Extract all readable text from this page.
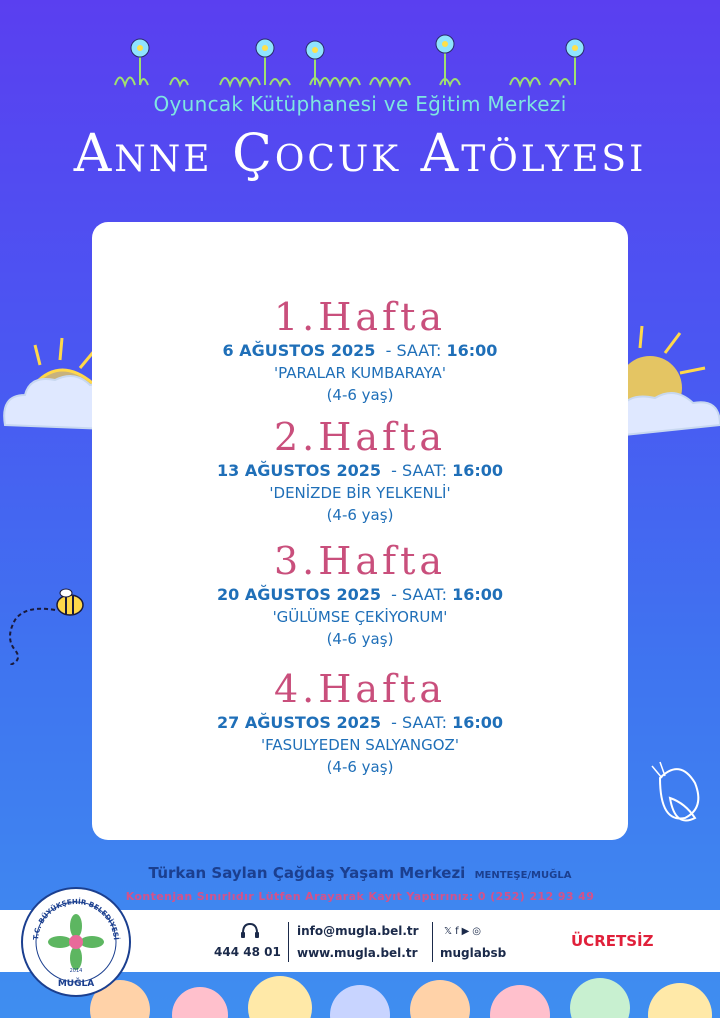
Oyuncak Kütüphanesi ve Eğitim Merkezi
Anne Çocuk Atölyesi
1.Hafta
6 AĞUSTOS 2025 - SAAT: 16:00
'PARALAR KUMBARAYA'
(4-6 yaş)
2.Hafta
13 AĞUSTOS 2025 - SAAT: 16:00
'DENİZDE BİR YELKENLİ'
(4-6 yaş)
3.Hafta
20 AĞUSTOS 2025 - SAAT: 16:00
'GÜLÜMSE ÇEKİYORUM'
(4-6 yaş)
4.Hafta
27 AĞUSTOS 2025 - SAAT: 16:00
'FASULYEDEN SALYANGOZ'
(4-6 yaş)
Türkan Saylan Çağdaş Yaşam Merkezi MENTEŞE/MUĞLA
Kontenjan Sınırlıdır Lütfen Arayarak Kayıt Yaptırınız: 0 (252) 212 93 49
T.C. BÜYÜKŞEHİR BELEDİYESİ
2014
MUĞLA
444 48 01
info@mugla.bel.tr
www.mugla.bel.tr
𝕏f▶◎
muglabsb
ÜCRETSİZ
